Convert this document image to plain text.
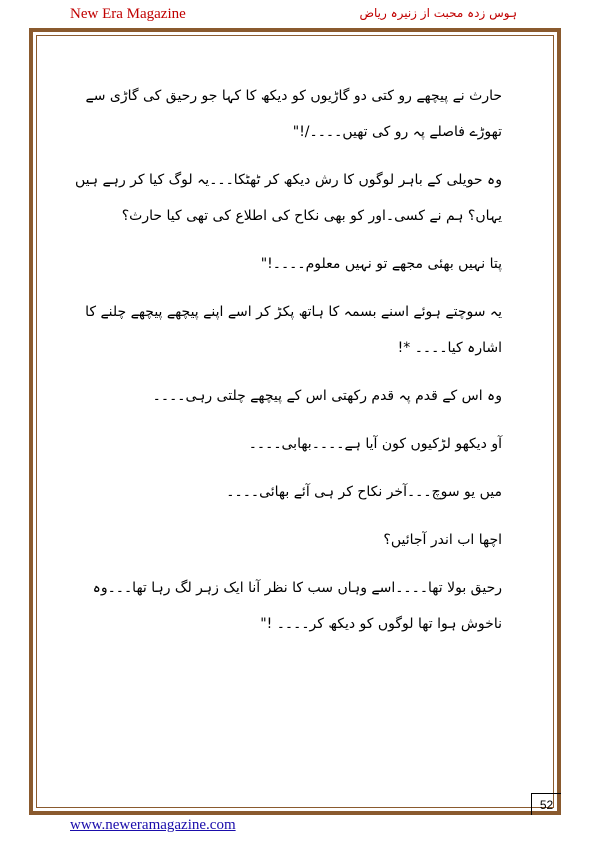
New Era Magazine	ہوس زدہ محبت از زنیرہ ریاض

حارث نے پیچھے رو کتی دو گاڑیوں کو دیکھ کا کہا جو رحیق کی گاڑی سے تھوڑے فاصلے پہ رو کی تھیں۔۔۔۔/!"

وہ حویلی کے باہر لوگوں کا رش دیکھ کر ٹھٹکا۔۔۔یہ لوگ کیا کر رہے ہیں یہاں؟ ہم نے کسی۔اور کو بھی نکاح کی اطلاع کی تھی کیا حارث؟

پتا نہیں بھئی مجھے تو نہیں معلوم۔۔۔۔!"

یہ سوچتے ہوئے اسنے بسمہ کا ہاتھ پکڑ کر اسے اپنے پیچھے پیچھے چلنے کا اشارہ کیا۔۔۔۔ *!

وہ اس کے قدم پہ قدم رکھتی اس کے پیچھے چلتی رہی۔۔۔۔

آو دیکھو لڑکیوں کون آیا ہے۔۔۔۔بھابی۔۔۔۔

میں یو سوچ۔۔۔آخر نکاح کر ہی آئے بھائی۔۔۔۔

اچھا اب اندر آجائیں؟

رحیق بولا تھا۔۔۔۔اسے وہاں سب کا نظر آنا ایک زہر لگ رہا تھا۔۔۔وہ ناخوش ہوا تھا لوگوں کو دیکھ کر۔۔۔۔ !"

52
www.neweramagazine.com
